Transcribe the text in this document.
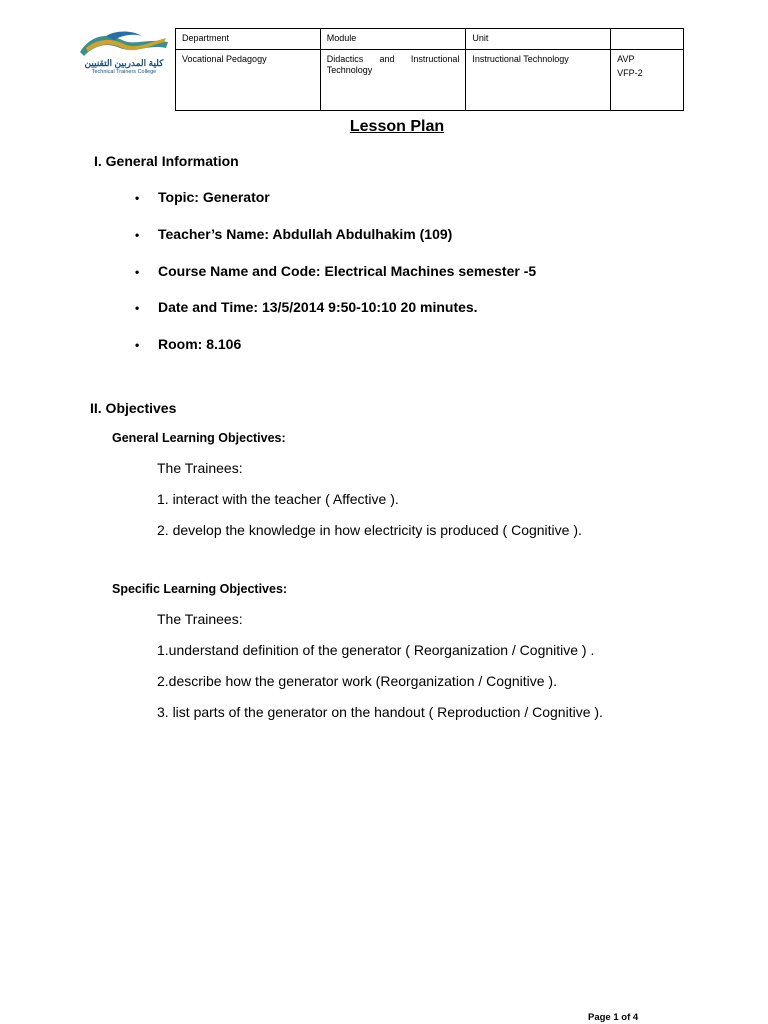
كلية المدربين التقنيين
Technical Trainers College
Department	Module	Unit	
Vocational Pedagogy	Didactics and Instructional Technology	Instructional Technology	AVP
VFP-2
Lesson Plan
I. General Information
• Topic: Generator
• Teacher’s Name: Abdullah Abdulhakim (109)
• Course Name and Code: Electrical Machines semester -5
• Date and Time: 13/5/2014 9:50-10:10 20 minutes.
• Room: 8.106
II. Objectives
General Learning Objectives:
The Trainees:
1. interact with the teacher ( Affective ).
2. develop the knowledge in how electricity is produced ( Cognitive ).
Specific Learning Objectives:
The Trainees:
1.understand definition of the generator ( Reorganization / Cognitive ) .
2.describe how the generator work (Reorganization / Cognitive ).
3. list parts of the generator on the handout ( Reproduction / Cognitive ).
Page 1 of 4
